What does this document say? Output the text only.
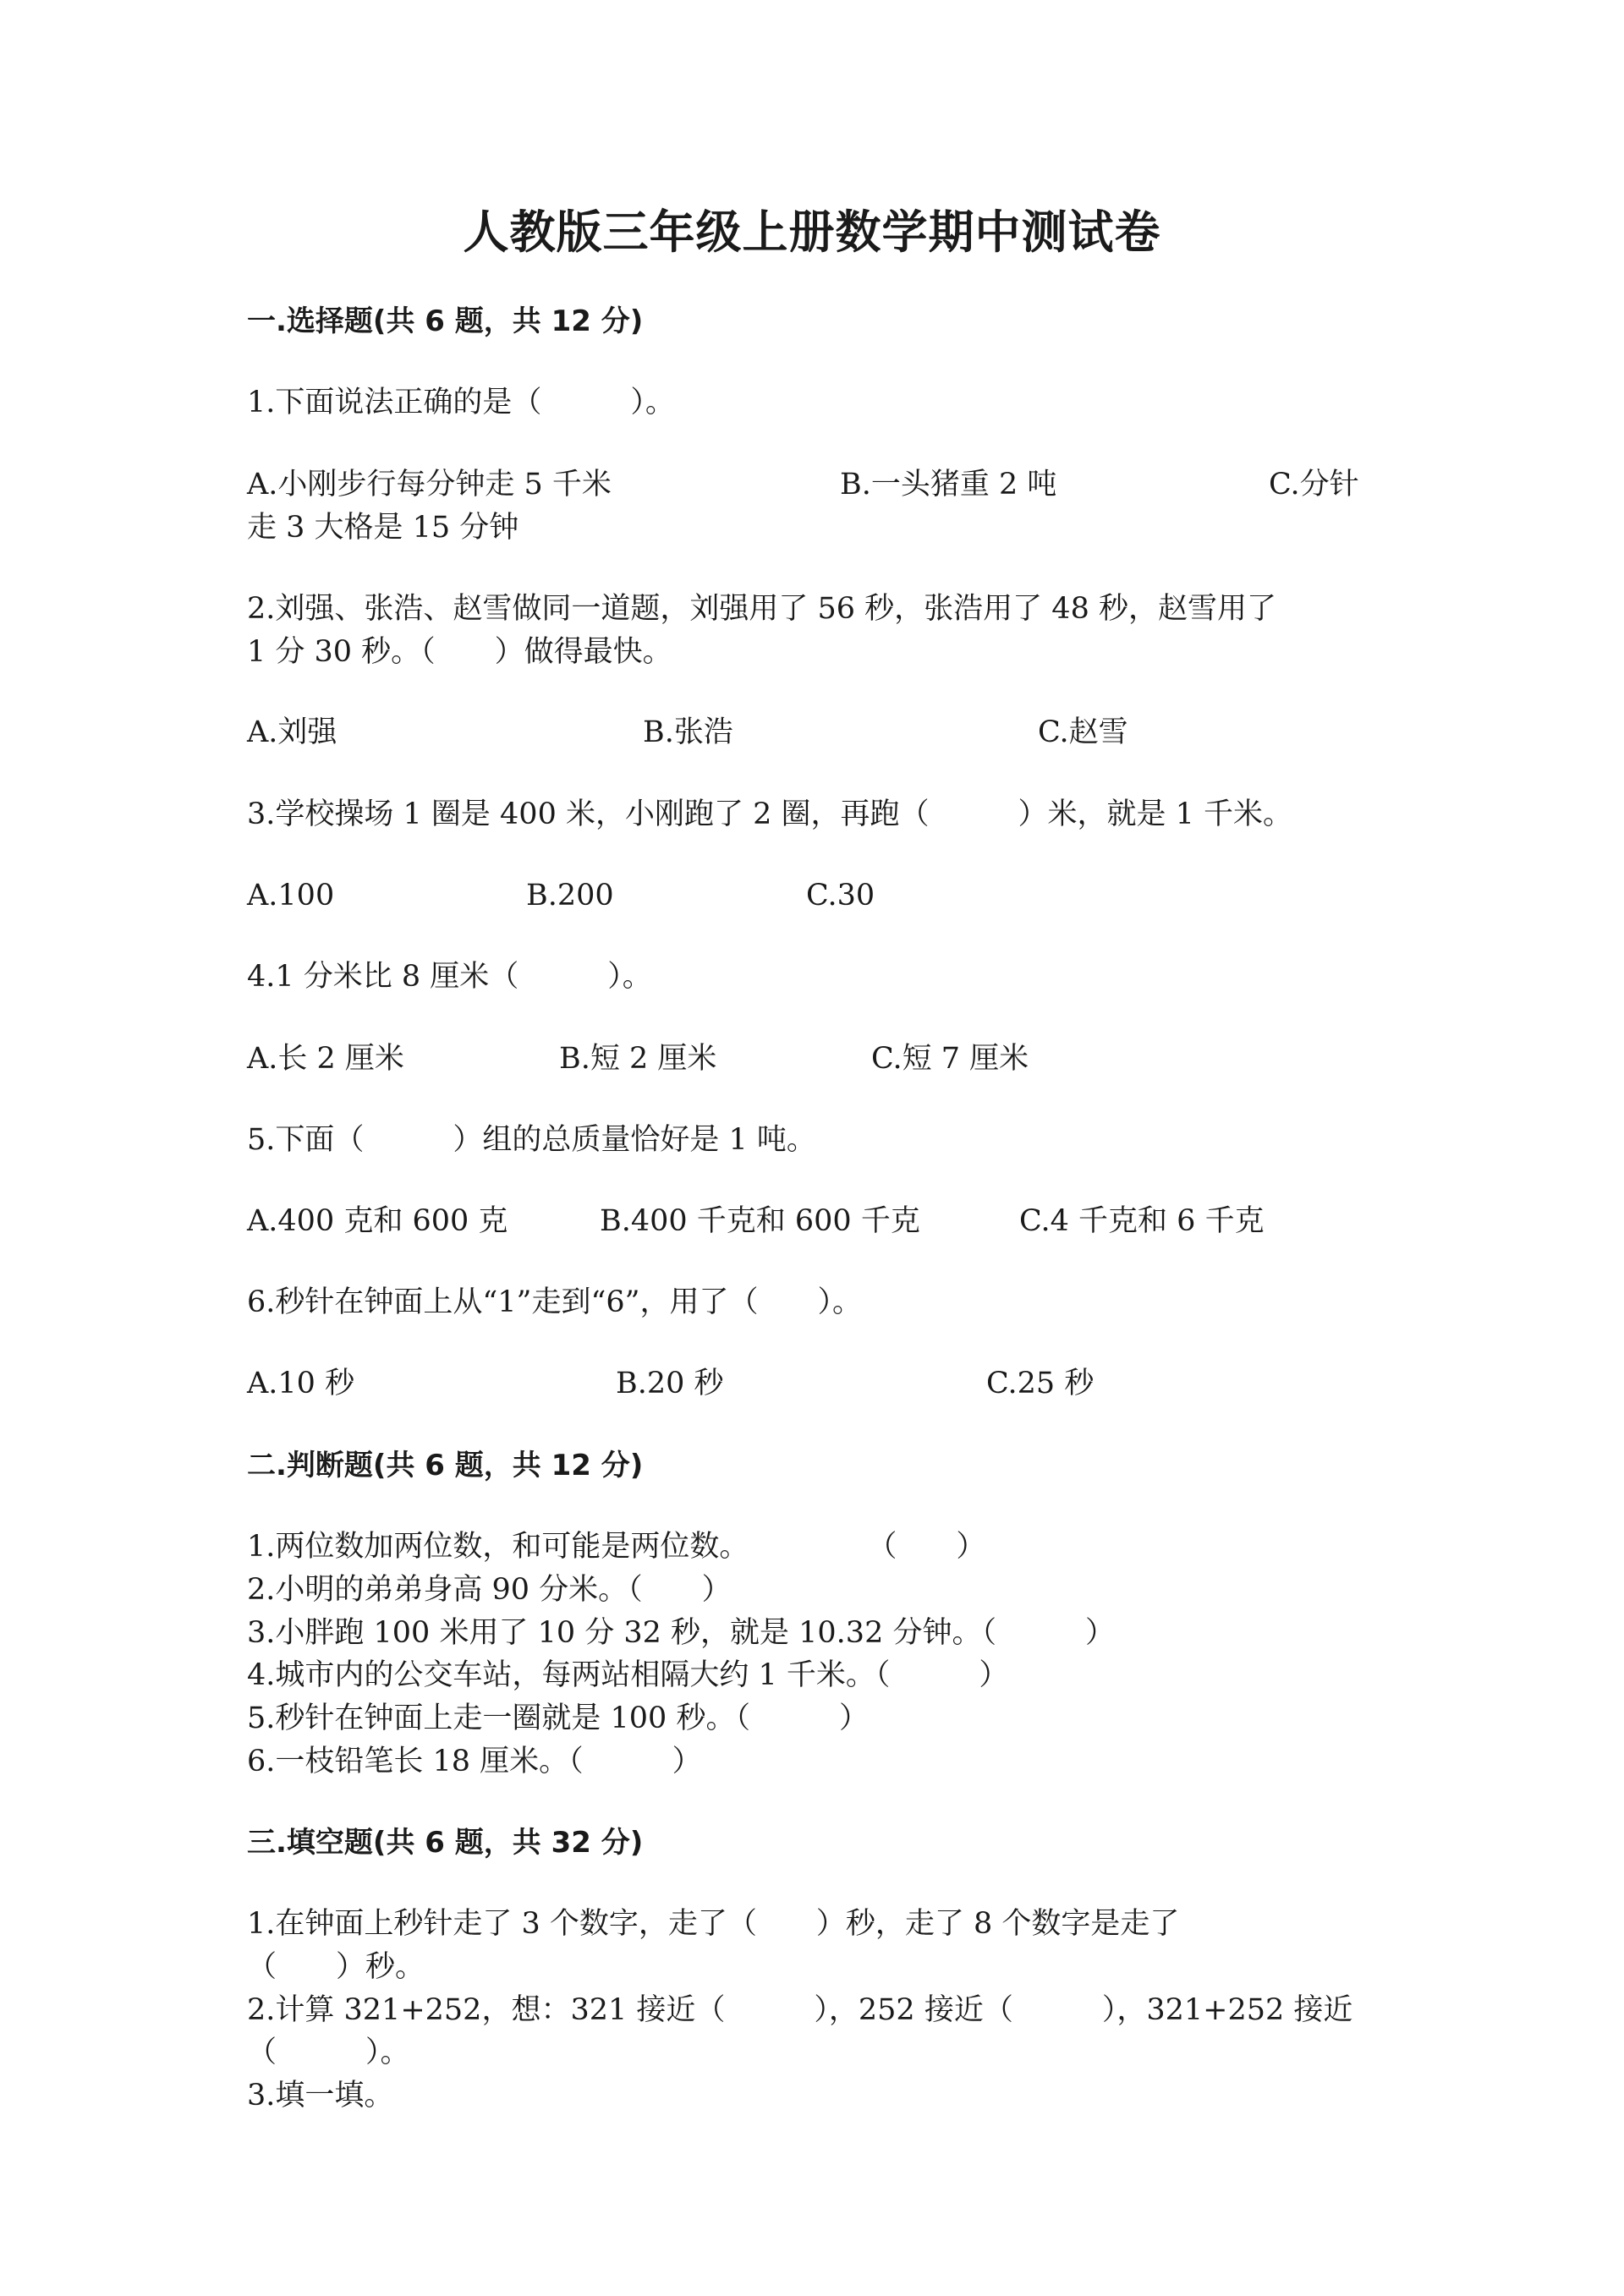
人教版三年级上册数学期中测试卷
一.选择题(共 6 题，共 12 分)
1.下面说法正确的是（　　　）。
A.小刚步行每分钟走 5 千米	B.一头猪重 2 吨	C.分针
走 3 大格是 15 分钟
2.刘强、张浩、赵雪做同一道题，刘强用了 56 秒，张浩用了 48 秒，赵雪用了
1 分 30 秒。（　　）做得最快。
A.刘强	B.张浩	C.赵雪
3.学校操场 1 圈是 400 米，小刚跑了 2 圈，再跑（　　　）米，就是 1 千米。
A.100	B.200	C.30
4.1 分米比 8 厘米（　　　）。
A.长 2 厘米	B.短 2 厘米	C.短 7 厘米
5.下面（　　　）组的总质量恰好是 1 吨。
A.400 克和 600 克	B.400 千克和 600 千克	C.4 千克和 6 千克
6.秒针在钟面上从“1”走到“6”，用了（　　）。
A.10 秒	B.20 秒	C.25 秒
二.判断题(共 6 题，共 12 分)
1.两位数加两位数，和可能是两位数。　　　　　（　　）
2.小明的弟弟身高 90 分米。（　　）
3.小胖跑 100 米用了 10 分 32 秒，就是 10.32 分钟。（　　　）
4.城市内的公交车站，每两站相隔大约 1 千米。（　　　）
5.秒针在钟面上走一圈就是 100 秒。（　　　）
6.一枝铅笔长 18 厘米。（　　　）
三.填空题(共 6 题，共 32 分)
1.在钟面上秒针走了 3 个数字，走了（　　）秒，走了 8 个数字是走了
（　　）秒。
2.计算 321+252，想：321 接近（　　　），252 接近（　　　），321+252 接近
（　　　）。
3.填一填。
